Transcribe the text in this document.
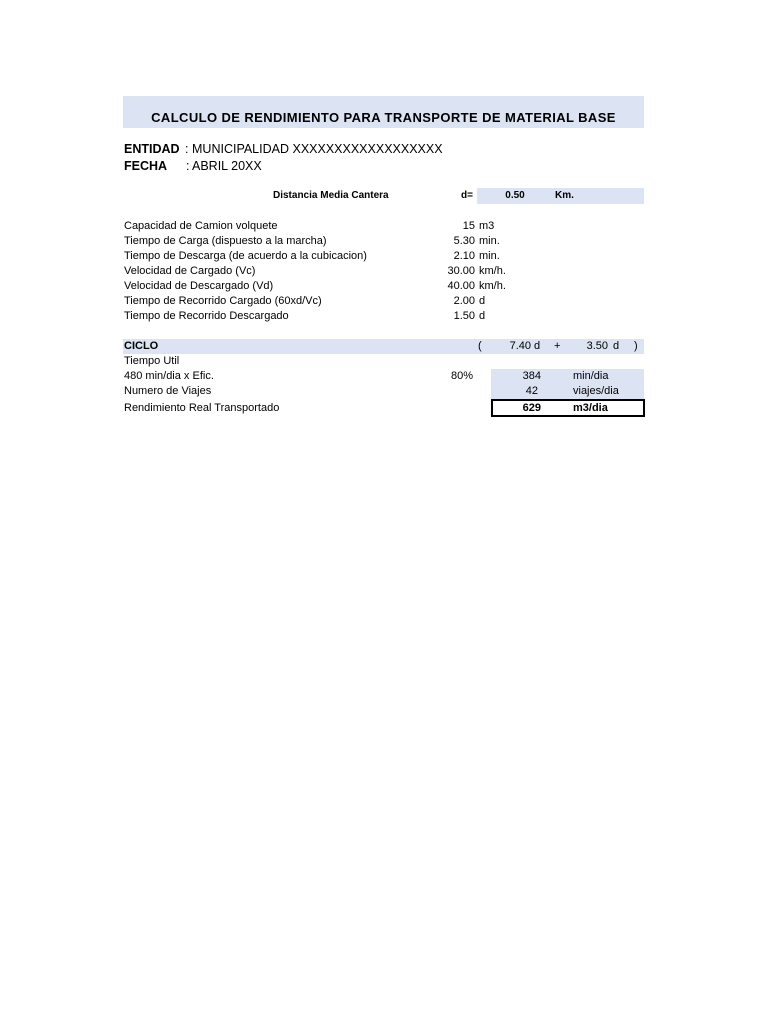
CALCULO DE RENDIMIENTO PARA TRANSPORTE DE MATERIAL BASE
ENTIDAD : MUNICIPALIDAD XXXXXXXXXXXXXXXXXX
FECHA : ABRIL 20XX
Distancia Media Cantera	d=	0.50	Km.
Capacidad de Camion volquete	15 m3
Tiempo de Carga (dispuesto a la marcha)	5.30 min.
Tiempo de Descarga (de acuerdo a la cubicacion)	2.10 min.
Velocidad de Cargado (Vc)	30.00 km/h.
Velocidad de Descargado (Vd)	40.00 km/h.
Tiempo de Recorrido Cargado (60xd/Vc)	2.00 d
Tiempo de Recorrido Descargado	1.50 d
CICLO	(	7.40 d +	3.50 d )
Tiempo Util
480 min/dia x Efic.	80%	384	min/dia
Numero de Viajes	42	viajes/dia
Rendimiento Real Transportado	629	m3/dia
